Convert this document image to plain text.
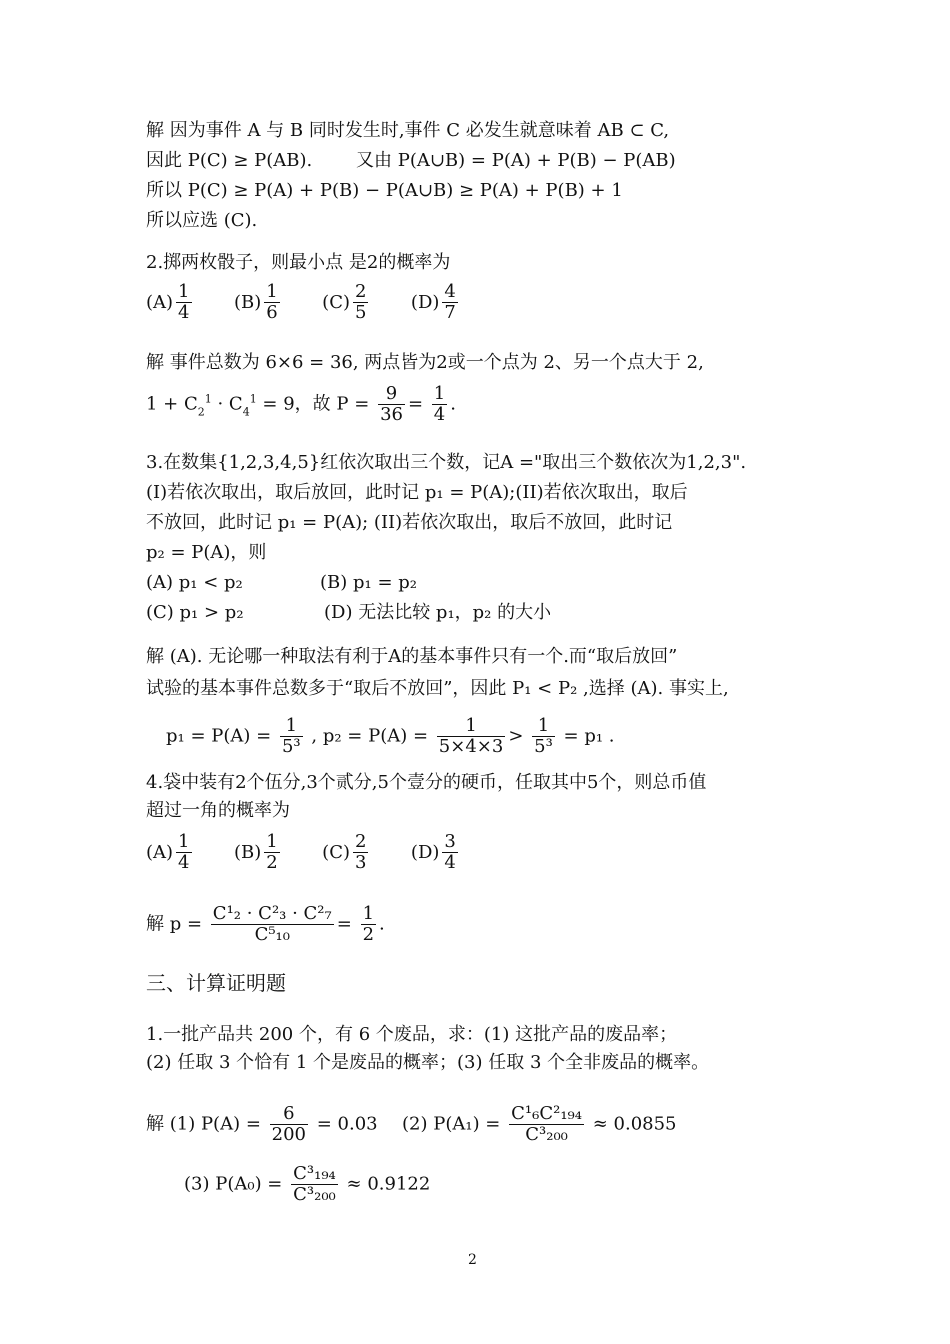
解 因为事件 A 与 B 同时发生时,事件 C 必发生就意味着 AB ⊂ C,
因此 P(C) ≥ P(AB). 又由 P(A∪B) = P(A) + P(B) − P(AB)
所以 P(C) ≥ P(A) + P(B) − P(A∪B) ≥ P(A) + P(B) + 1
所以应选 (C).
2.掷两枚骰子，则最小点 是2的概率为
$(A) \frac{1}{4} (B) \frac{1}{6} (C) \frac{2}{5} (D) \frac{4}{7}$
解 事件总数为 6×6 = 36, 两点皆为2或一个点为 2、另一个点大于 2,
$1 + C_2^1 \cdot C_4^1 = 9$，故 $P = \frac{9}{36} = \frac{1}{4}$ .
3.在数集{1,2,3,4,5}红依次取出三个数，记A ="取出三个数依次为1,2,3".
(I)若依次取出，取后放回，此时记 p₁ = P(A);(II)若依次取出，取后
不放回，此时记 p₁ = P(A); (II)若依次取出，取后不放回，此时记
p₂ = P(A)，则
(A) p₁ < p₂	(B) p₁ = p₂
(C) p₁ > p₂	(D) 无法比较 p₁，p₂ 的大小
解 (A). 无论哪一种取法有利于A的基本事件只有一个.而“取后放回”
试验的基本事件总数多于“取后不放回”，因此 P₁ < P₂ ,选择 (A). 事实上,
$p_1 = P(A) = \frac{1}{\text{5³}}$ , $p_2 = P(A) = \frac{1}{5\times 4\times 3} > \frac{1}{\text{5³}} = p_1$ .
4.袋中装有2个伍分,3个贰分,5个壹分的硬币，任取其中5个，则总币值
超过一角的概率为
$(A) \frac{1}{4} (B) \frac{1}{2} (C) \frac{2}{3} (D) \frac{3}{4}$
解 $p = \frac{\text{C¹₂ · C²₃ · C²₇}}{\text{C⁵₁₀}} = \frac{1}{2}$ .
三、计算证明题
1.一批产品共 200 个，有 6 个废品，求：(1) 这批产品的废品率；
(2) 任取 3 个恰有 1 个是废品的概率；(3) 任取 3 个全非废品的概率。
解 (1) $P(A) = \frac{6}{200} = 0.03$ (2) $P(A_1) = \frac{\text{C¹₆C²₁₉₄}}{\text{C³₂₀₀}} \approx 0.0855$
(3) $P(A_0) = \frac{\text{C³₁₉₄}}{\text{C³₂₀₀}} \approx 0.9122$
2
